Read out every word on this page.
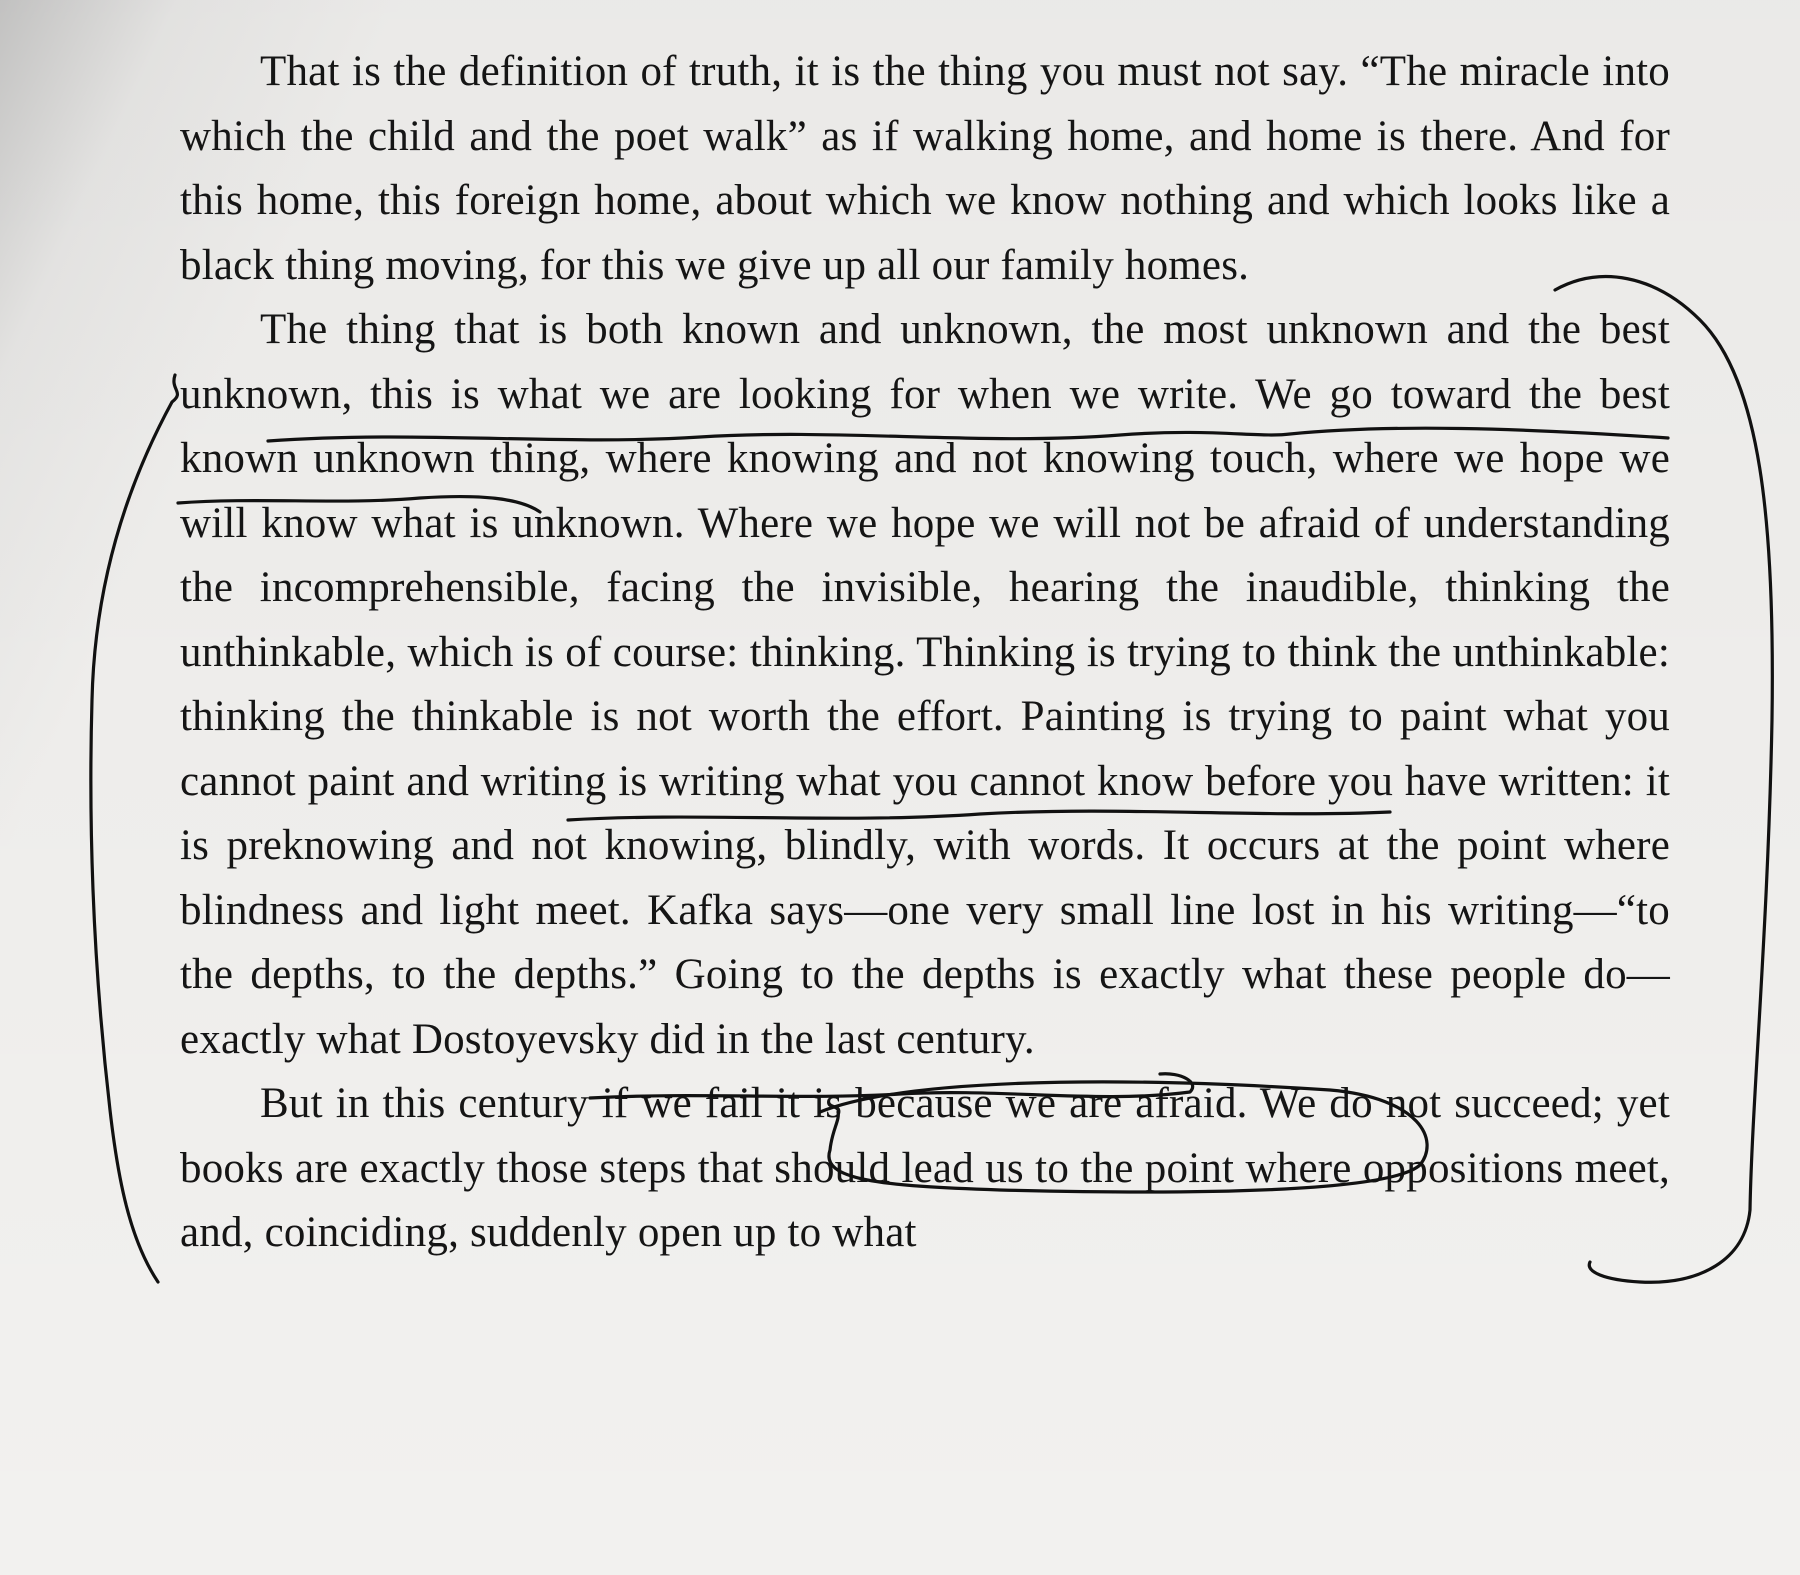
That is the definition of truth, it is the thing you must not say. “The miracle into which the child and the poet walk” as if walking home, and home is there. And for this home, this foreign home, about which we know nothing and which looks like a black thing moving, for this we give up all our family homes.

The thing that is both known and unknown, the most unknown and the best unknown, this is what we are looking for when we write. We go toward the best known unknown thing, where knowing and not knowing touch, where we hope we will know what is unknown. Where we hope we will not be afraid of understanding the incomprehensible, facing the invisible, hearing the inaudible, thinking the unthinkable, which is of course: thinking. Thinking is trying to think the unthinkable: thinking the thinkable is not worth the effort. Painting is trying to paint what you cannot paint and writing is writing what you cannot know before you have written: it is preknowing and not knowing, blindly, with words. It occurs at the point where blindness and light meet. Kafka says—one very small line lost in his writing—“to the depths, to the depths.” Going to the depths is exactly what these people do—exactly what Dostoyevsky did in the last century.

But in this century if we fail it is because we are afraid. We do not succeed; yet books are exactly those steps that should lead us to the point where oppositions meet, and, coinciding, suddenly open up to what
